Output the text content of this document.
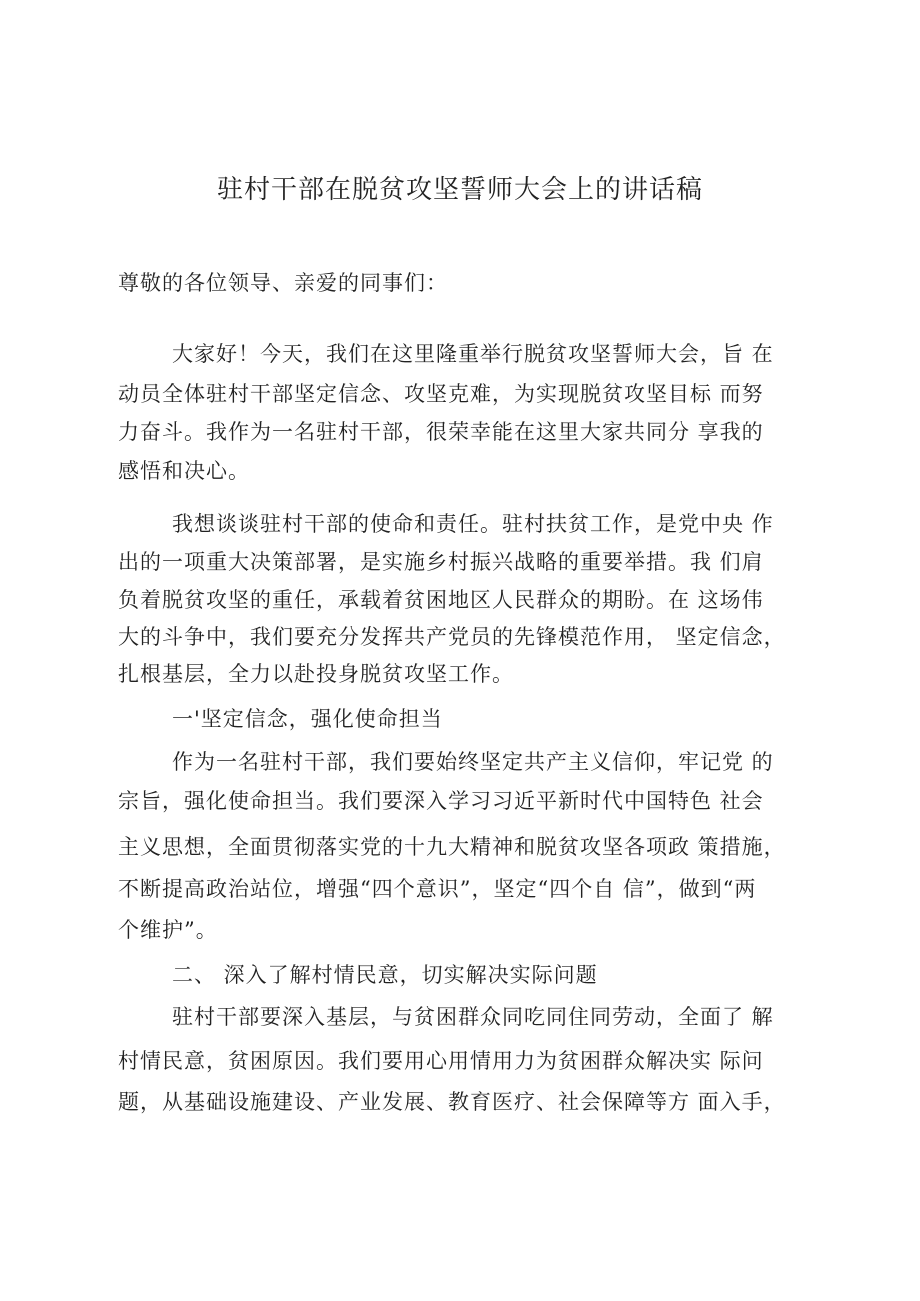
驻村干部在脱贫攻坚誓师大会上的讲话稿

尊敬的各位领导、亲爱的同事们：

大家好！今天，我们在这里隆重举行脱贫攻坚誓师大会，旨 在

动员全体驻村干部坚定信念、攻坚克难，为实现脱贫攻坚目标 而努

力奋斗。我作为一名驻村干部，很荣幸能在这里大家共同分 享我的

感悟和决心。

我想谈谈驻村干部的使命和责任。驻村扶贫工作，是党中央 作

出的一项重大决策部署，是实施乡村振兴战略的重要举措。我 们肩

负着脱贫攻坚的重任，承载着贫困地区人民群众的期盼。在 这场伟

大的斗争中，我们要充分发挥共产党员的先锋模范作用， 坚定信念，

扎根基层，全力以赴投身脱贫攻坚工作。

一'坚定信念，强化使命担当

作为一名驻村干部，我们要始终坚定共产主义信仰，牢记党 的

宗旨，强化使命担当。我们要深入学习习近平新时代中国特色 社会

主义思想，全面贯彻落实党的十九大精神和脱贫攻坚各项政 策措施，

不断提高政治站位，增强“四个意识”，坚定“四个自 信”，做到“两

个维护”。

二、 深入了解村情民意，切实解决实际问题

驻村干部要深入基层，与贫困群众同吃同住同劳动，全面了 解

村情民意，贫困原因。我们要用心用情用力为贫困群众解决实 际问

题，从基础设施建设、产业发展、教育医疗、社会保障等方 面入手，
